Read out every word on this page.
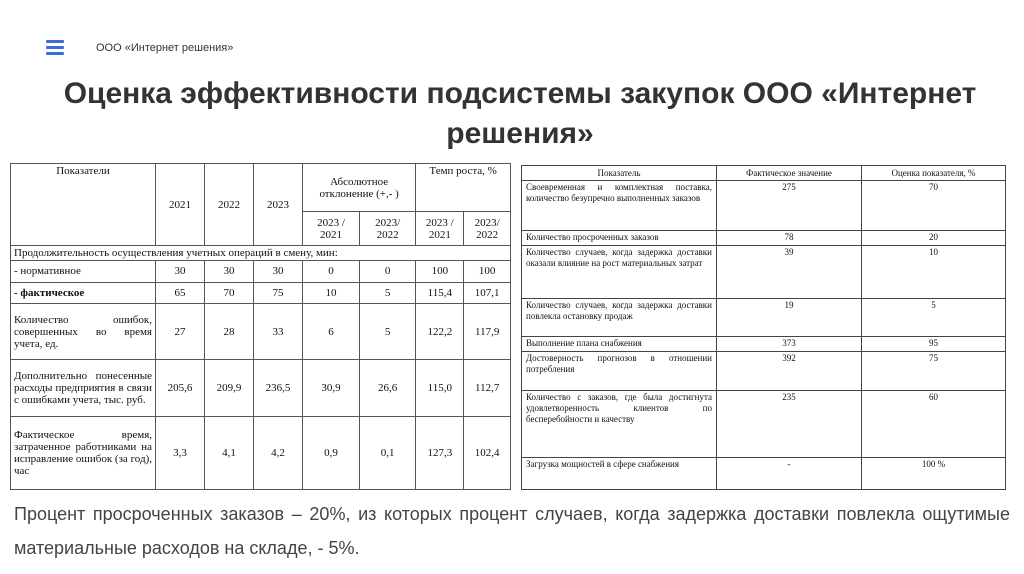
ООО «Интернет решения»
Оценка эффективности подсистемы закупок ООО «Интернет решения»
Показатели	2021	2022	2023	Абсолютное отклонение (+,- )		Темп роста, %	
				2023 / 2021	2023/ 2022	2023 / 2021	2023/ 2022
Продолжительность осуществления учетных операций в смену, мин:							
- нормативное	30	30	30	0	0	100	100
- фактическое	65	70	75	10	5	115,4	107,1
Количество ошибок, совершенных во время учета, ед.	27	28	33	6	5	122,2	117,9
Дополнительно понесенные расходы предприятия в связи с ошибками учета, тыс. руб.	205,6	209,9	236,5	30,9	26,6	115,0	112,7
Фактическое время, затраченное работниками на исправление ошибок (за год), час	3,3	4,1	4,2	0,9	0,1	127,3	102,4
Показатель	Фактическое значение	Оценка показателя, %
Своевременная и комплектная поставка, количество безупречно выполненных заказов	275	70
Количество просроченных заказов	78	20
Количество случаев, когда задержка доставки оказали влияние на рост материальных затрат	39	10
Количество случаев, когда задержка доставки повлекла остановку продаж	19	5
Выполнение плана снабжения	373	95
Достоверность прогнозов в отношении потребления	392	75
Количество с заказов, где была достигнута удовлетворенность клиентов по бесперебойности и качеству	235	60
Загрузка мощностей в сфере снабжения	-	100 %
Процент просроченных заказов – 20%, из которых процент случаев, когда задержка доставки повлекла ощутимые материальные расходов на складе, - 5%.
